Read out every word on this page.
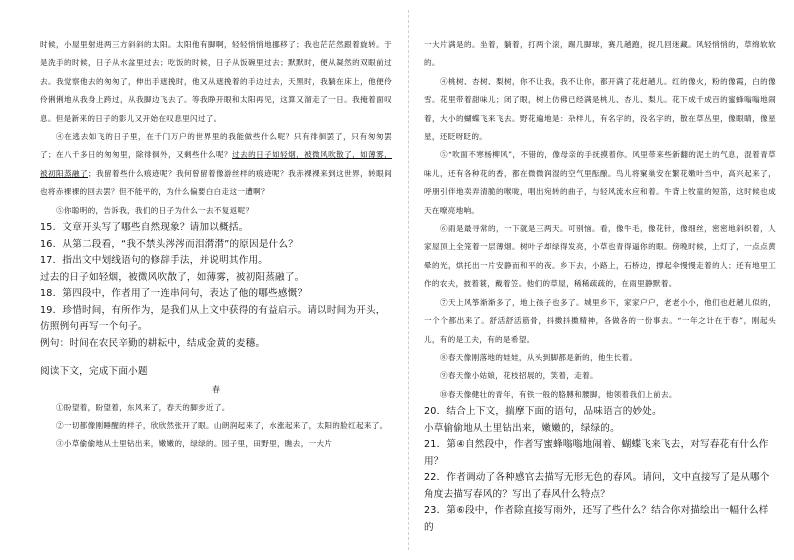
时候，小屋里射进两三方斜斜的太阳。太阳他有脚啊，轻轻悄悄地挪移了；我也茫茫然跟着旋转。于是洗手的时候，日子从水盆里过去；吃饭的时候，日子从饭碗里过去；默默时，便从凝然的双眼前过去。我觉察他去的匆匆了，伸出手遮挽时，他又从遮挽着的手边过去，天黑时，我躺在床上，他便伶伶俐俐地从我身上跨过，从我脚边飞去了。等我睁开眼和太阳再见，这算又溜走了一日。我掩着面叹息。但是新来的日子的影儿又开始在叹息里闪过了。

④在逃去如飞的日子里，在千门万户的世界里的我能做些什么呢？只有徘徊罢了，只有匆匆罢了；在八千多日的匆匆里，除徘徊外，又剩些什么呢？过去的日子如轻烟，被微风吹散了，如薄雾，被初阳蒸融了；我留着些什么痕迹呢？我何曾留着像游丝样的痕迹呢？我赤裸裸来到这世界，转眼间也将赤裸裸的回去罢？但不能平的，为什么偏要白白走这一遭啊？

⑤你聪明的，告诉我，我们的日子为什么一去不复返呢？

15．文章开头写了哪些自然现象？请加以概括。

16．从第二段看，“我不禁头涔涔而泪潸潸”的原因是什么？

17．指出文中划线语句的修辞手法，并说明其作用。

过去的日子如轻烟，被微风吹散了，如薄雾，被初阳蒸融了。

18．第四段中，作者用了一连串问句，表达了他的哪些感慨？

19．珍惜时间，有所作为，是我们从上文中获得的有益启示。请以时间为开头，仿照例句再写一个句子。

例句：时间在农民辛勤的耕耘中，结成金黄的麦穗。

阅读下文，完成下面小题

春

①盼望着，盼望着，东风来了，春天的脚步近了。

②一切都像刚睡醒的样子，欣欣然张开了眼。山朗润起来了，水涨起来了，太阳的脸红起来了。

③小草偷偷地从土里钻出来，嫩嫩的，绿绿的。园子里，田野里，瞧去，一大片

一大片满是的。坐着，躺着，打两个滚，踢几脚球，赛几趟跑，捉几回迷藏。风轻悄悄的，草绵软软的。

④桃树、杏树、梨树，你不让我，我不让你，都开满了花赶趟儿。红的像火，粉的像霞，白的像雪。花里带着甜味儿；闭了眼，树上仿佛已经满是桃儿、杏儿、梨儿。花下成千成百的蜜蜂嗡嗡地闹着，大小的蝴蝶飞来飞去。野花遍地是：杂样儿，有名字的，没名字的，散在草丛里，像眼睛，像星星，还眨呀眨的。

⑤“吹面不寒杨柳风”，不错的，像母亲的手抚摸着你。风里带来些新翻的泥土的气息，混着青草味儿，还有各种花的香，都在微微润湿的空气里酝酿。鸟儿将窠巢安在繁花嫩叶当中，高兴起来了，呼朋引伴地卖弄清脆的喉咙，唱出宛转的曲子，与轻风流水应和着。牛背上牧童的短笛，这时候也成天在嘹亮地响。

⑥雨是最寻常的，一下就是三两天。可别恼。看，像牛毛，像花针，像细丝，密密地斜织着，人家屋顶上全笼着一层薄烟。树叶子却绿得发亮，小草也青得逼你的眼。傍晚时候，上灯了，一点点黄晕的光，烘托出一片安静而和平的夜。乡下去，小路上，石桥边，撑起伞慢慢走着的人；还有地里工作的农夫，披着蓑，戴着笠。他们的草屋，稀稀疏疏的，在雨里静默着。

⑦天上风筝渐渐多了，地上孩子也多了。城里乡下，家家户户，老老小小，他们也赶趟儿似的，一个个都出来了。舒活舒活筋骨，抖擞抖擞精神，各做各的一份事去。“一年之计在于春”，刚起头儿，有的是工夫，有的是希望。

⑧春天像刚落地的娃娃，从头到脚都是新的，他生长着。

⑨春天像小姑娘，花枝招展的，笑着，走着。

⑩春天像健壮的青年，有铁一般的胳膊和腰脚，他领着我们上前去。

20．结合上下文，揣摩下面的语句，品味语言的妙处。

小草偷偷地从土里钻出来，嫩嫩的，绿绿的。

21．第④自然段中，作者写蜜蜂嗡嗡地闹着、蝴蝶飞来飞去，对写春花有什么作用？

22．作者调动了各种感官去描写无形无色的春风。请问，文中直接写了是从哪个角度去描写春风的？写出了春风什么特点？

23．第⑥段中，作者除直接写雨外，还写了些什么？结合你对描绘出一幅什么样的
